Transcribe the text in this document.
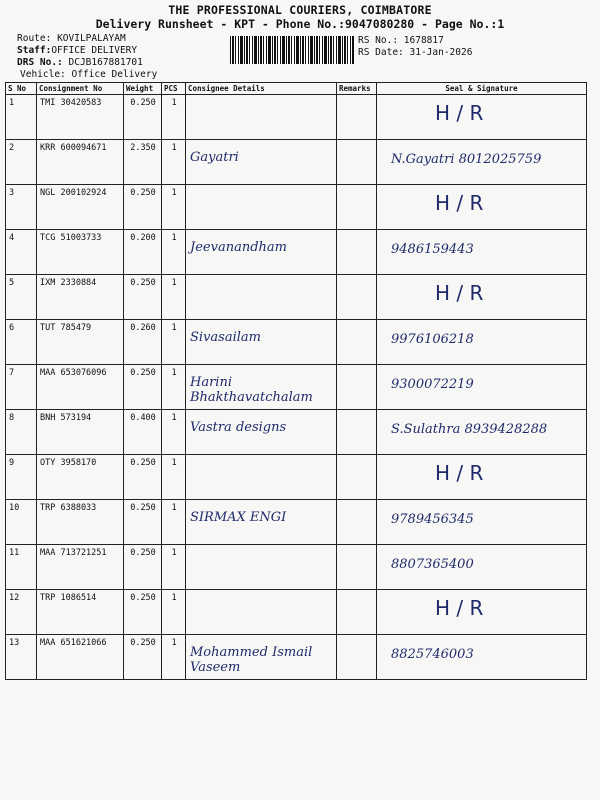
THE PROFESSIONAL COURIERS, COIMBATORE
Delivery Runsheet - KPT - Phone No.:9047080280 - Page No.:1
Route: KOVILPALAYAM
Staff:OFFICE DELIVERY
DRS No.: DCJB167881701
Vehicle: Office Delivery
RS No.: 1678817
RS Date: 31-Jan-2026
S No	Consignment No	Weight	PCS	Consignee Details	Remarks	Seal & Signature
1	TMI 30420583	0.250	1			H / R

2	KRR 600094671	2.350	1	Gayatri		N.Gayatri 8012025759

3	NGL 200102924	0.250	1			H / R

4	TCG 51003733	0.200	1	Jeevanandham		9486159443

5	IXM 2330884	0.250	1			H / R

6	TUT 785479	0.260	1	Sivasailam		9976106218

7	MAA 653076096	0.250	1	Harini Bhakthavatchalam		9300072219

8	BNH 573194	0.400	1	Vastra designs		S.Sulathra 8939428288

9	OTY 3958170	0.250	1			H / R

10	TRP 6388033	0.250	1	SIRMAX ENGI		9789456345

11	MAA 713721251	0.250	1			8807365400

12	TRP 1086514	0.250	1			H / R

13	MAA 651621066	0.250	1	Mohammed Ismail Vaseem		8825746003
